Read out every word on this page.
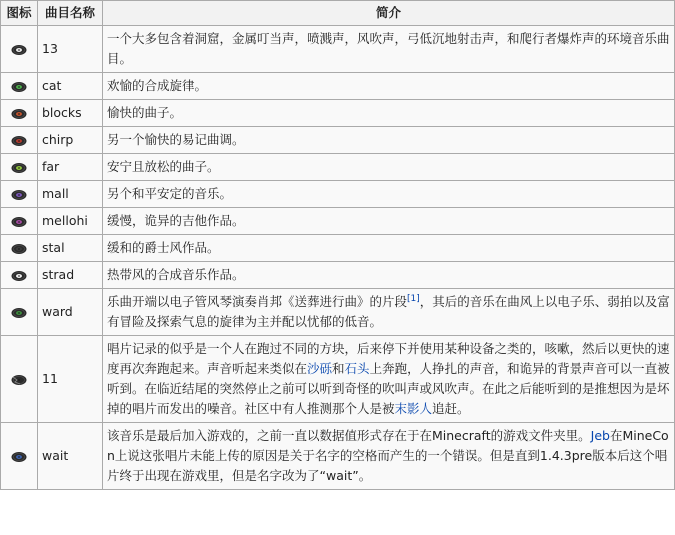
图标	曲目名称	简介
	13	一个大多包含着洞窟，金属叮当声，喷溅声，风吹声，弓低沉地射击声，和爬行者爆炸声的环境音乐曲目。
	cat	欢愉的合成旋律。
	blocks	愉快的曲子。
	chirp	另一个愉快的易记曲调。
	far	安宁且放松的曲子。
	mall	另个和平安定的音乐。
	mellohi	缓慢，诡异的吉他作品。
	stal	缓和的爵士风作品。
	strad	热带风的合成音乐作品。
	ward	乐曲开端以电子管风琴演奏肖邦《送葬进行曲》的片段[1]，其后的音乐在曲风上以电子乐、弱拍以及富有冒险及探索气息的旋律为主并配以忧郁的低音。
	11	唱片记录的似乎是一个人在跑过不同的方块，后来停下并使用某种设备之类的，咳嗽，然后以更快的速度再次奔跑起来。声音听起来类似在沙砾和石头上奔跑，人挣扎的声音，和诡异的背景声音可以一直被听到。在临近结尾的突然停止之前可以听到奇怪的吹叫声或风吹声。在此之后能听到的是推想因为是坏掉的唱片而发出的噪音。社区中有人推测那个人是被末影人追赶。
	wait	该音乐是最后加入游戏的，之前一直以数据值形式存在于在Minecraft的游戏文件夹里。Jeb在MineCon上说这张唱片未能上传的原因是关于名字的空格而产生的一个错误。但是直到1.4.3pre版本后这个唱片终于出现在游戏里，但是名字改为了“wait”。
